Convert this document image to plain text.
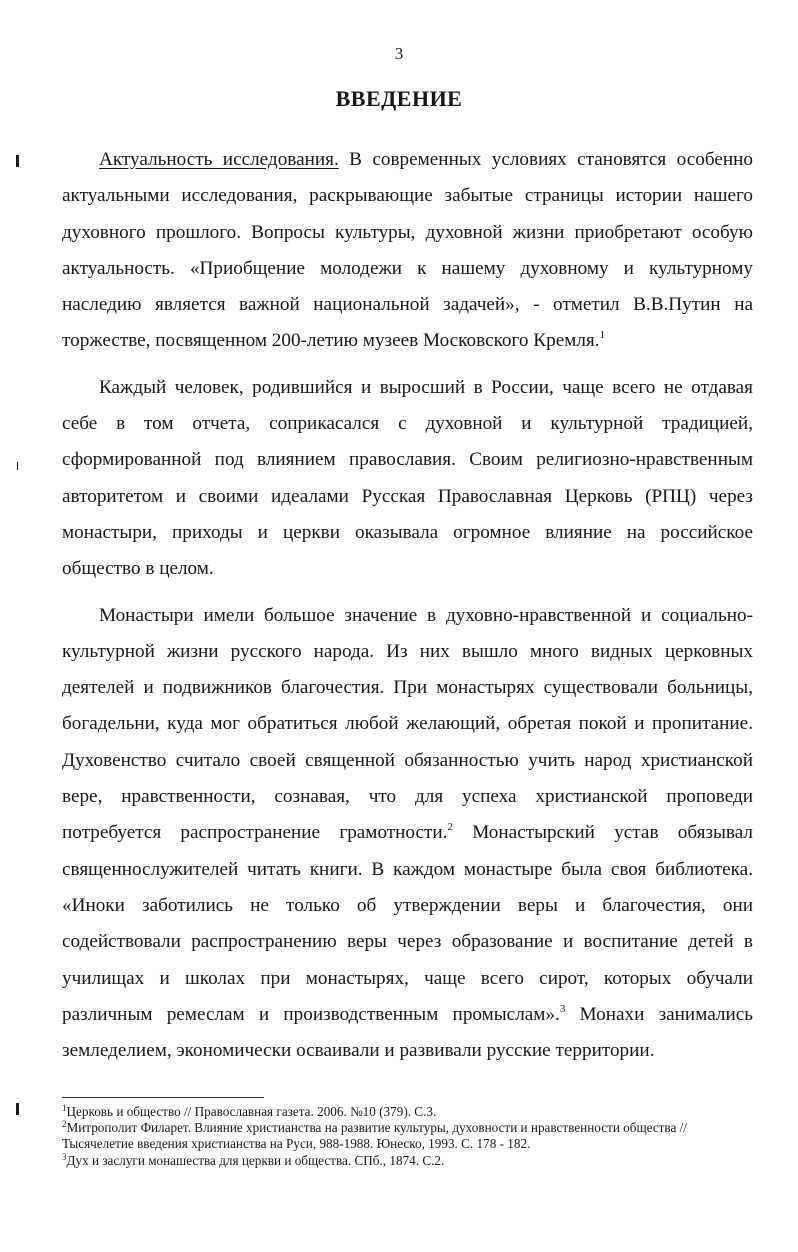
3
ВВЕДЕНИЕ

Актуальность исследования. В современных условиях становятся особенно актуальными исследования, раскрывающие забытые страницы истории нашего духовного прошлого. Вопросы культуры, духовной жизни приобретают особую актуальность. «Приобщение молодежи к нашему духовному и культурному наследию является важной национальной задачей», - отметил В.В.Путин на торжестве, посвященном 200-летию музеев Московского Кремля.$^1$

Каждый человек, родившийся и выросший в России, чаще всего не отдавая себе в том отчета, соприкасался с духовной и культурной традицией, сформированной под влиянием православия. Своим религиозно-нравственным авторитетом и своими идеалами Русская Православная Церковь (РПЦ) через монастыри, приходы и церкви оказывала огромное влияние на российское общество в целом.

Монастыри имели большое значение в духовно-нравственной и социально-культурной жизни русского народа. Из них вышло много видных церковных деятелей и подвижников благочестия. При монастырях существовали больницы, богадельни, куда мог обратиться любой желающий, обретая покой и пропитание. Духовенство считало своей священной обязанностью учить народ христианской вере, нравственности, сознавая, что для успеха христианской проповеди потребуется распространение грамотности.$^2$ Монастырский устав обязывал священнослужителей читать книги. В каждом монастыре была своя библиотека. «Иноки заботились не только об утверждении веры и благочестия, они содействовали распространению веры через образование и воспитание детей в училищах и школах при монастырях, чаще всего сирот, которых обучали различным ремеслам и производственным промыслам».$^3$ Монахи занимались земледелием, экономически осваивали и развивали русские территории.

$^1$Церковь и общество // Православная газета. 2006. №10 (379). С.3.

$^2$Митрополит Филарет. Влияние христианства на развитие культуры, духовности и нравственности общества // Тысячелетие введения христианства на Руси, 988-1988. Юнеско, 1993. С. 178 - 182.

$^3$Дух и заслуги монашества для церкви и общества. СПб., 1874. С.2.
